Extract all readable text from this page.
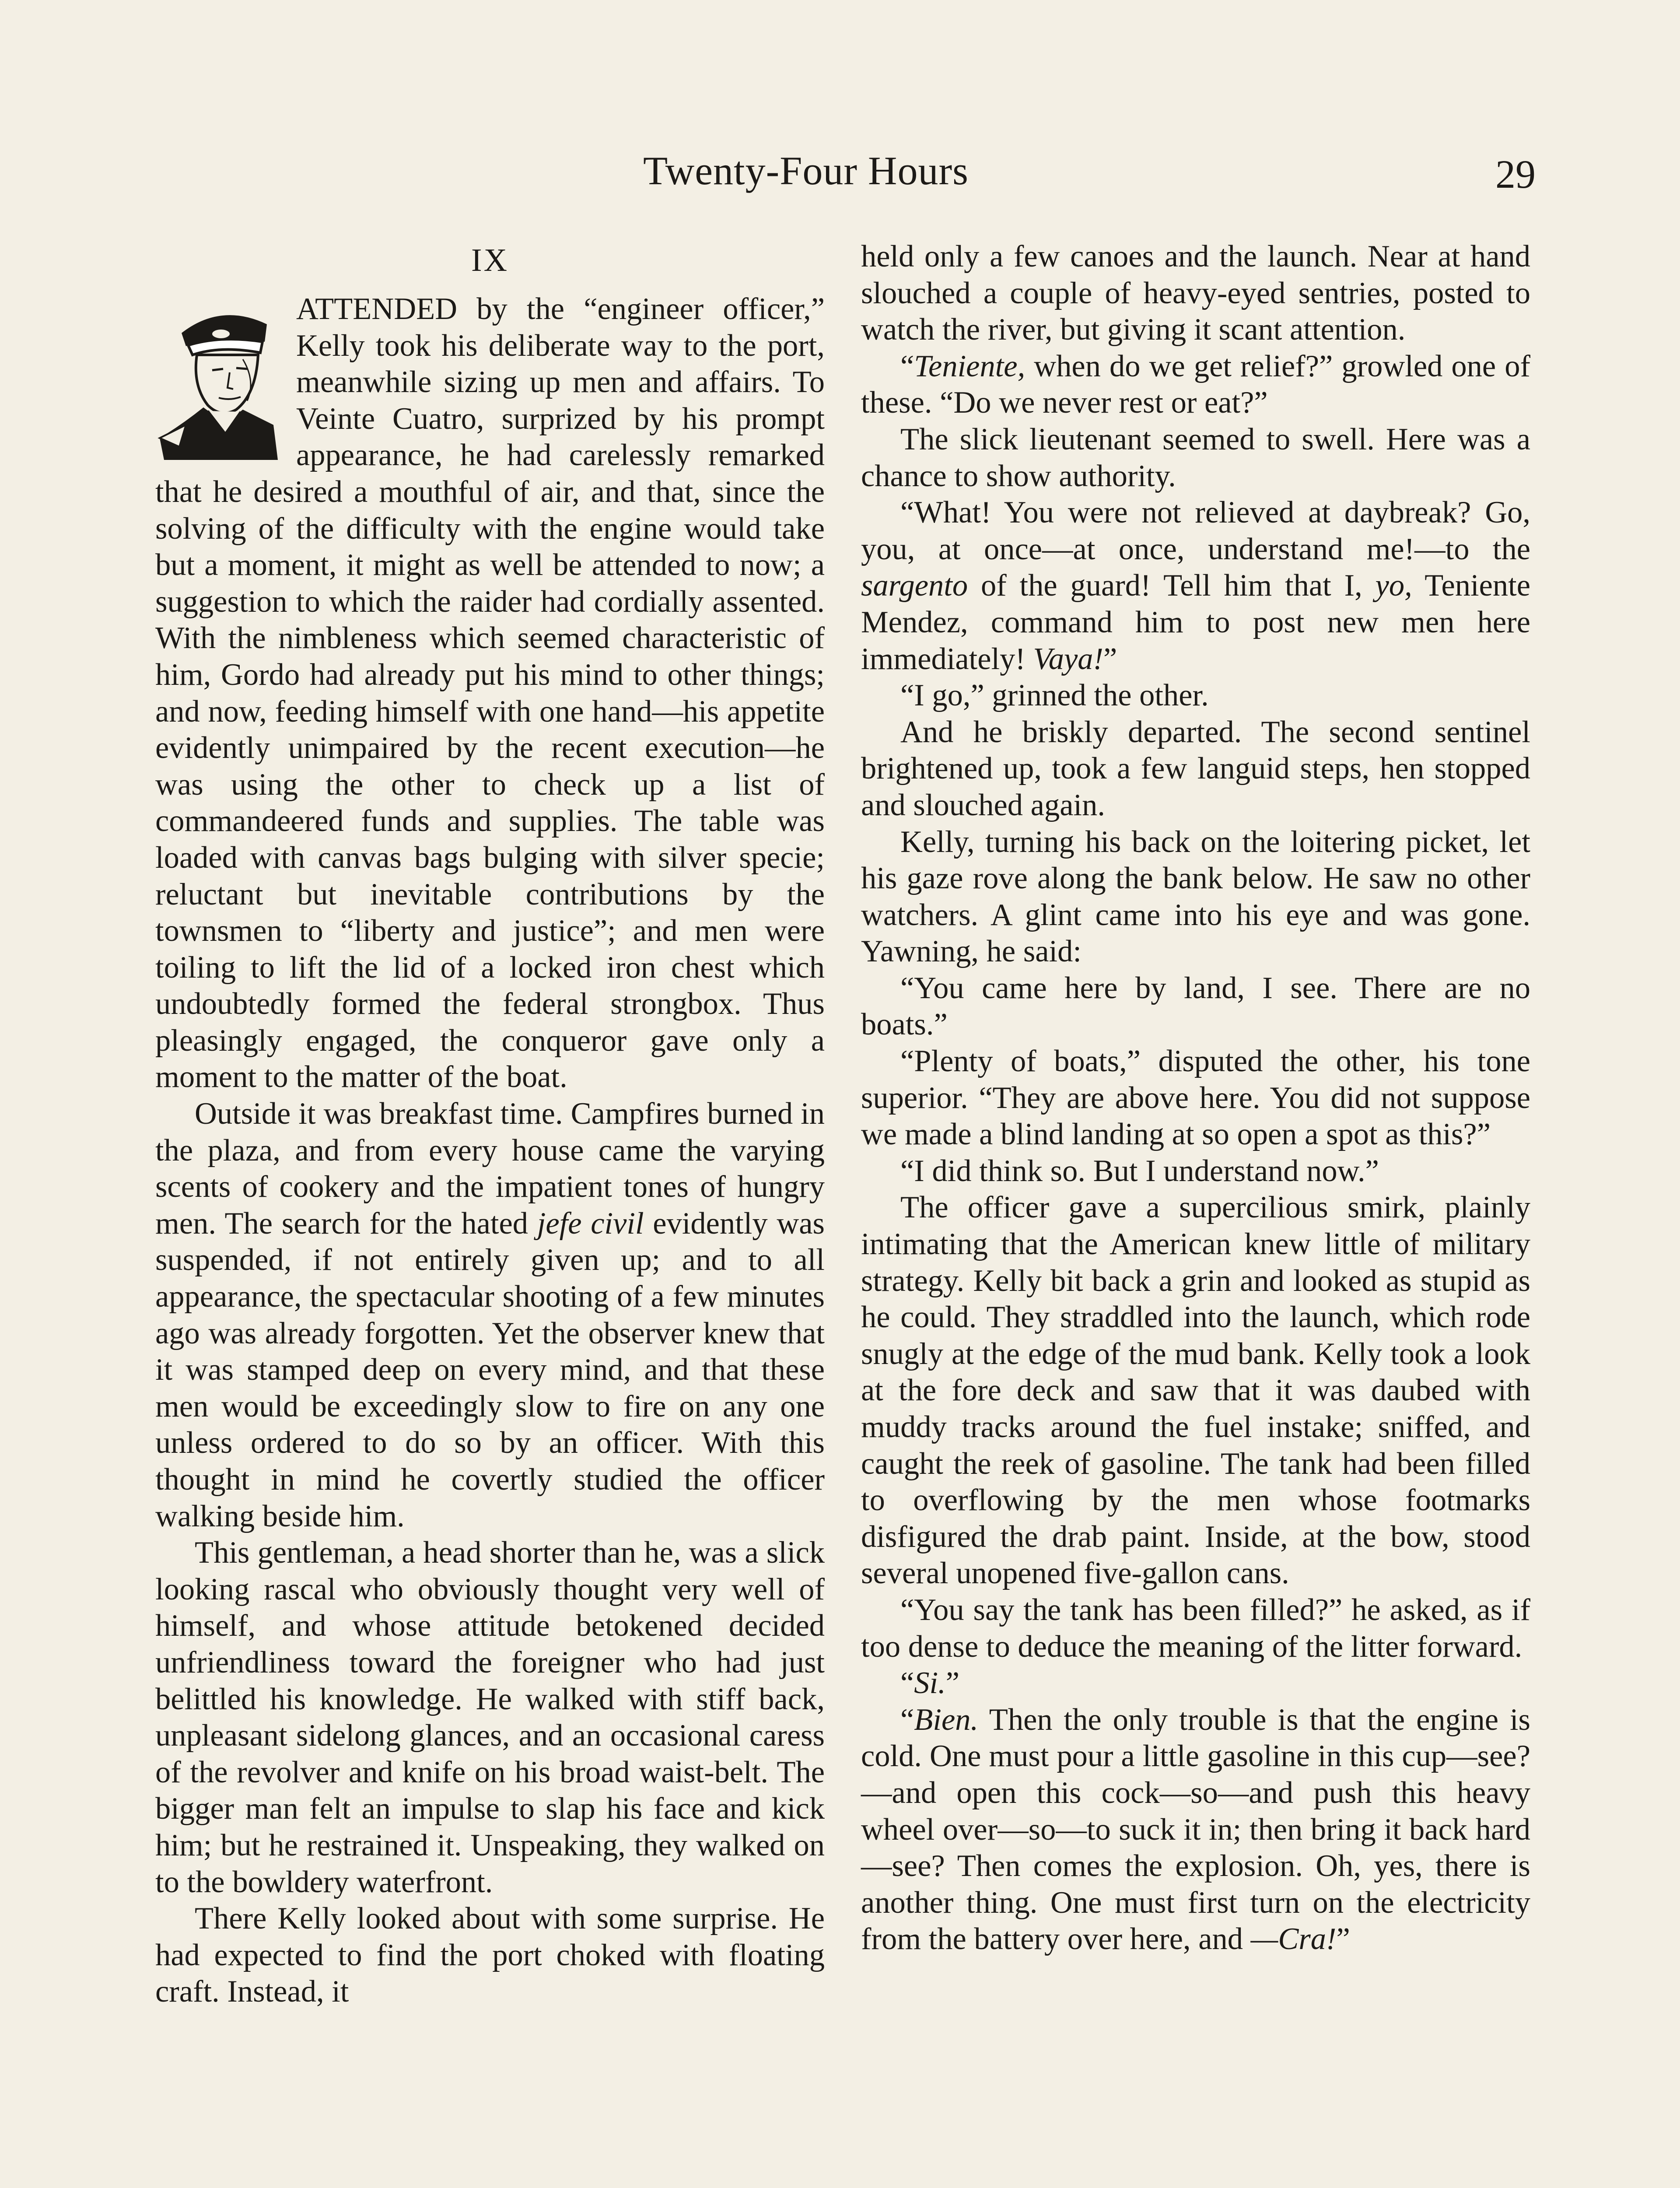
Twenty-Four Hours	29
IX

ATTENDED by the “engineer officer,” Kelly took his deliberate way to the port, meanwhile sizing up men and affairs. To Veinte Cuatro, surprized by his prompt appearance, he had carelessly remarked that he desired a mouthful of air, and that, since the solving of the difficulty with the engine would take but a moment, it might as well be attended to now; a suggestion to which the raider had cordially assented. With the nimbleness which seemed characteristic of him, Gordo had already put his mind to other things; and now, feeding himself with one hand—his appetite evidently unimpaired by the recent execution—he was using the other to check up a list of commandeered funds and supplies. The table was loaded with canvas bags bulging with silver specie; reluctant but inevitable contributions by the townsmen to “liberty and justice”; and men were toiling to lift the lid of a locked iron chest which undoubtedly formed the federal strongbox. Thus pleasingly engaged, the conqueror gave only a moment to the matter of the boat.

Outside it was breakfast time. Campfires burned in the plaza, and from every house came the varying scents of cookery and the impatient tones of hungry men. The search for the hated jefe civil evidently was suspended, if not entirely given up; and to all appearance, the spectacular shooting of a few minutes ago was already forgotten. Yet the observer knew that it was stamped deep on every mind, and that these men would be exceedingly slow to fire on any one unless ordered to do so by an officer. With this thought in mind he covertly studied the officer walking beside him.

This gentleman, a head shorter than he, was a slick looking rascal who obviously thought very well of himself, and whose attitude betokened decided unfriendliness toward the foreigner who had just belittled his knowledge. He walked with stiff back, unpleasant sidelong glances, and an occasional caress of the revolver and knife on his broad waist-belt. The bigger man felt an impulse to slap his face and kick him; but he restrained it. Unspeaking, they walked on to the bowldery waterfront.

There Kelly looked about with some surprise. He had expected to find the port choked with floating craft. Instead, it

held only a few canoes and the launch. Near at hand slouched a couple of heavy-eyed sentries, posted to watch the river, but giving it scant attention.

“Teniente, when do we get relief?” growled one of these. “Do we never rest or eat?”

The slick lieutenant seemed to swell. Here was a chance to show authority.

“What! You were not relieved at daybreak? Go, you, at once—at once, understand me!—to the sargento of the guard! Tell him that I, yo, Teniente Mendez, command him to post new men here immediately! Vaya!”

“I go,” grinned the other.

And he briskly departed. The second sentinel brightened up, took a few languid steps, hen stopped and slouched again.

Kelly, turning his back on the loitering picket, let his gaze rove along the bank below. He saw no other watchers. A glint came into his eye and was gone. Yawning, he said:

“You came here by land, I see. There are no boats.”

“Plenty of boats,” disputed the other, his tone superior. “They are above here. You did not suppose we made a blind landing at so open a spot as this?”

“I did think so. But I understand now.”

The officer gave a supercilious smirk, plainly intimating that the American knew little of military strategy. Kelly bit back a grin and looked as stupid as he could. They straddled into the launch, which rode snugly at the edge of the mud bank. Kelly took a look at the fore deck and saw that it was daubed with muddy tracks around the fuel instake; sniffed, and caught the reek of gasoline. The tank had been filled to overflowing by the men whose footmarks disfigured the drab paint. Inside, at the bow, stood several unopened five-gallon cans.

“You say the tank has been filled?” he asked, as if too dense to deduce the meaning of the litter forward.

“Si.”

“Bien. Then the only trouble is that the engine is cold. One must pour a little gasoline in this cup—see?—and open this cock—so—and push this heavy wheel over—so—to suck it in; then bring it back hard—see? Then comes the explosion. Oh, yes, there is another thing. One must first turn on the electricity from the battery over here, and —Cra!”
